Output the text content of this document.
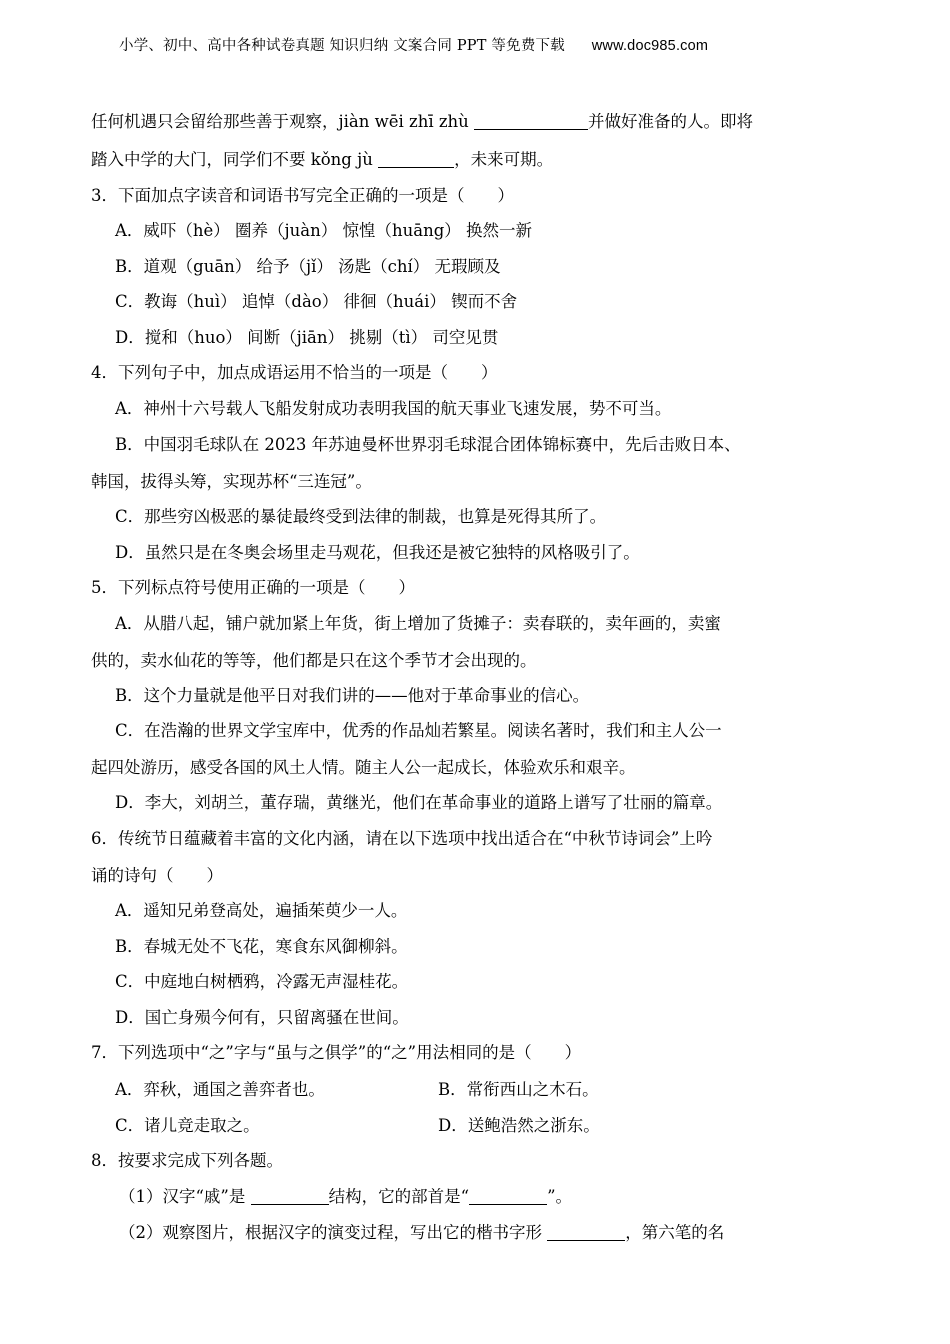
小学、初中、高中各种试卷真题 知识归纳 文案合同 PPT 等免费下载 www.doc985.com
任何机遇只会留给那些善于观察，jiàn wēi zhī zhù	并做好准备的人。即将
踏入中学的大门，同学们不要 kǒng jù	，未来可期。
3．下面加点字读音和词语书写完全正确的一项是（　　）
A．威吓（hè） 圈养（juàn） 惊惶（huāng） 换然一新
B．道观（guān） 给予（jǐ） 汤匙（chí） 无瑕顾及
C．教诲（huì） 追悼（dào） 徘徊（huái） 锲而不舍
D．搅和（huo） 间断（jiān） 挑剔（tì） 司空见贯
4．下列句子中，加点成语运用不恰当的一项是（　　）
A．神州十六号载人飞船发射成功表明我国的航天事业飞速发展，势不可当。
B．中国羽毛球队在 2023 年苏迪曼杯世界羽毛球混合团体锦标赛中，先后击败日本、
韩国，拔得头筹，实现苏杯“三连冠”。
C．那些穷凶极恶的暴徒最终受到法律的制裁，也算是死得其所了。
D．虽然只是在冬奥会场里走马观花，但我还是被它独特的风格吸引了。
5．下列标点符号使用正确的一项是（　　）
A．从腊八起，铺户就加紧上年货，街上增加了货摊子：卖春联的，卖年画的，卖蜜
供的，卖水仙花的等等，他们都是只在这个季节才会出现的。
B．这个力量就是他平日对我们讲的——他对于革命事业的信心。
C．在浩瀚的世界文学宝库中，优秀的作品灿若繁星。阅读名著时，我们和主人公一
起四处游历，感受各国的风土人情。随主人公一起成长，体验欢乐和艰辛。
D．李大，刘胡兰，董存瑞，黄继光，他们在革命事业的道路上谱写了壮丽的篇章。
6．传统节日蕴藏着丰富的文化内涵，请在以下选项中找出适合在“中秋节诗词会”上吟
诵的诗句（　　）
A．遥知兄弟登高处，遍插茱萸少一人。
B．春城无处不飞花，寒食东风御柳斜。
C．中庭地白树栖鸦，冷露无声湿桂花。
D．国亡身殒今何有，只留离骚在世间。
7．下列选项中“之”字与“虽与之俱学”的“之”用法相同的是（　　）
A．弈秋，通国之善弈者也。	B．常衔西山之木石。
C．诸儿竞走取之。	D．送鲍浩然之浙东。
8．按要求完成下列各题。
（1）汉字“戚”是	结构，它的部首是“	”。
（2）观察图片，根据汉字的演变过程，写出它的楷书字形	，第六笔的名
